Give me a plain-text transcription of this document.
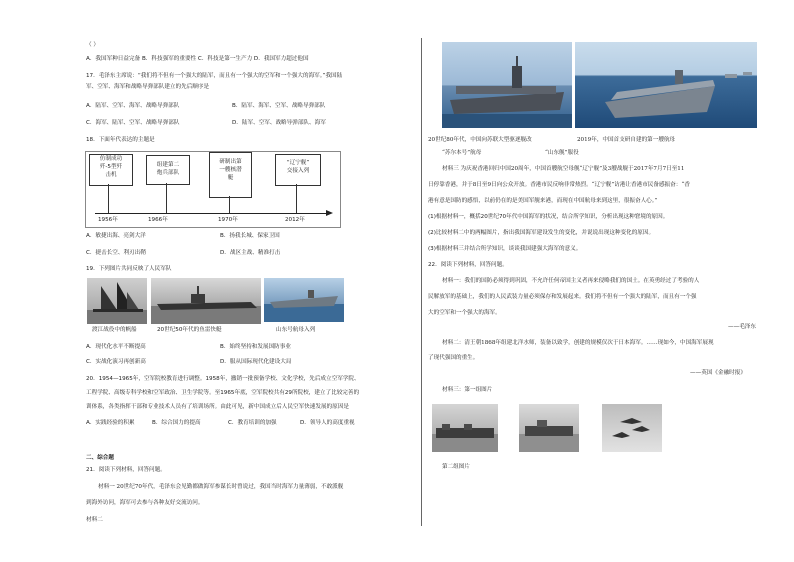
（ ）
A．我国军种日益完备 B．科技强军的重要性 C．科技是第一生产力 D．我国军力超过他国
17．毛泽东主席说：“我们将不但有一个强大的陆军，而且有一个强大的空军和一个强大的海军。”我国陆
军、空军、海军和战略导弹部队建立的先后顺序是
A．陆军、空军、海军、战略导弹部队	B．陆军、海军、空军、战略导弹部队
C．海军、陆军、空军、战略导弹部队	D．陆军、空军、战略导弹部队、海军
18．下面年代表达的主题是
仿制成功
歼-5型歼
击机
组建第二
炮兵部队
研制出第
一艘核潜
艇
“辽宁舰”
交接入列
1956年	1966年	1970年	2012年
A．敏捷出海、亮剑大洋	B．扬我长城、保家卫国
C．捷击长空、利刃出鞘	D．战区主战、精准打击
19．下列图片共同反映了人民军队
渡江战役中的帆船	20世纪50年代的鱼雷快艇	山东号航母入列
A．现代化水平不断提高	B．始终坚持和发展国防事业
C．实战化演习再创新高	D．服从国际现代化建设大局
20．1954—1965年，空军院校教育进行调整。1958年，撤销一批预备学校、文化学校，先后成立空军学院、
工程学院、高级专科学校和空军政治、卫生学院等。至1965年底，空军院校共有29所院校，建立了比较完善的
训体系，各类指挥干部和专业技术人员有了培训场所。由此可见，新中国成立后人民空军快速发展的原因是
A．实践经验的积累	B．综合国力的提高	C．教育培训的加强	D．领导人的高度重视
二、综合题
21．阅读下列材料，回答问题。
材料一 20世纪70年代，毛泽东会见勤都做海军参谋长时曾说过，我国当时海军力量薄弱，不敢派舰
到海外访问，海军可去参与各种友好交流访问。
材料二
20世纪80年代，中国向苏联大型驱逐舰改	2019年，中国首支研自建的第一艘航母
“苏尔本号”航母	“山东舰”服役
材料三 为庆祝香港回归中国20周年，中国首艘航空母舰“辽宁舰”及3艘战舰于2017年7月7日至11
日停靠香港，并于8日至9日向公众开放。香港市民反响非常热烈。“辽宁舰”访港让香港市民备感振奋：“香
港有意是国防的感悟，以前仍在的是美国军舰来港，而现在中国航母来到这里，很振奋人心。”
(1)根据材料一，概括20世纪70年代中国海军的状况，结合所学知识，分析出现这种窘境的原因。
(2)比较材料二中的两幅图片，指出我国海军建设发生的变化，并说说出现这种变化的原因。
(3)根据材料三并结合所学知识，谈谈我国建强大海军的意义。
22．阅读下列材料，回答问题。
材料一：我们的国防必须得到巩固，不允许任何帝国主义者再来侵略我们的国土。在英勇经过了考验的人
民解放军的基础上，我们的人民武装力量必须保存和发展起来。我们将不但有一个强大的陆军，而且有一个强
大的空军和一个强大的海军。
——毛泽东
材料二：清王朝1868年组建北洋水师，装备以致学，创建的规模仅次于日本海军。……现如今，中国海军展现
了现代强国的重生。
——英国《金融时报》
材料三：第一组图片
第二组图片
